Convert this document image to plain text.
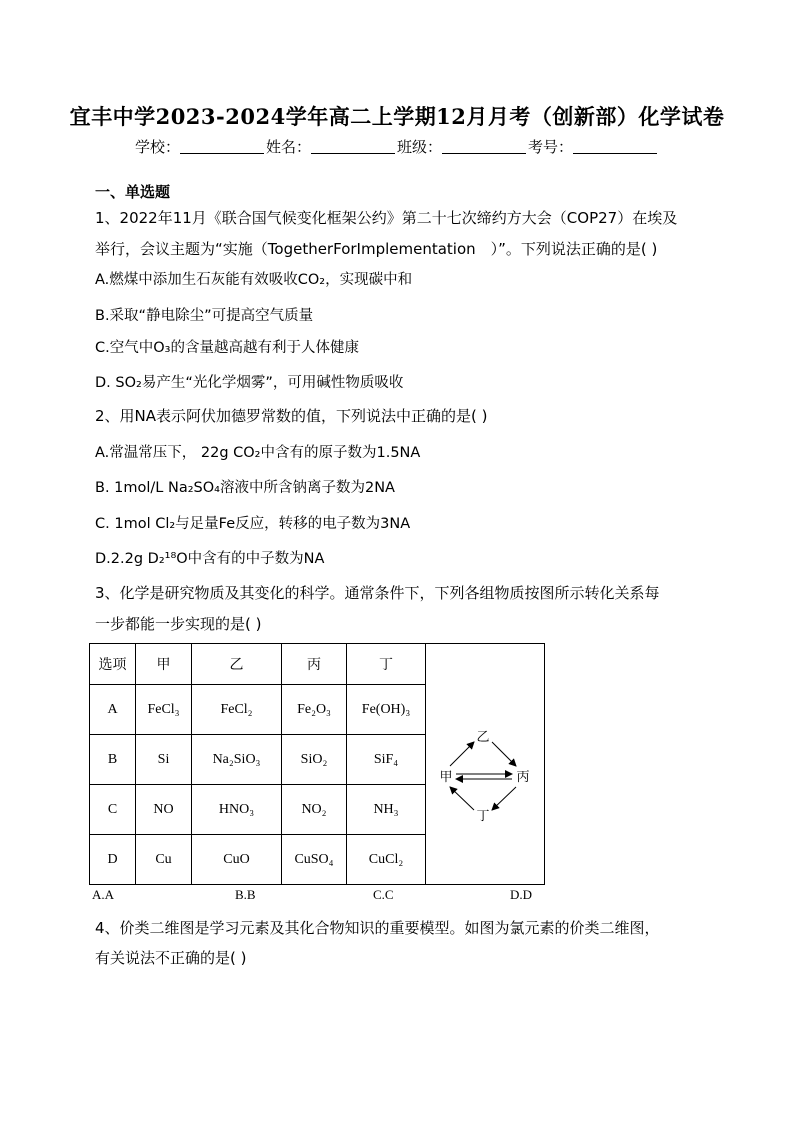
宜丰中学2023-2024学年高二上学期12月月考（创新部）化学试卷
学校：	姓名：	班级：	考号：
一、单选题
1、2022年11月《联合国气候变化框架公约》第二十七次缔约方大会（COP27）在埃及
举行，会议主题为“实施（TogetherForImplementation　）”。下列说法正确的是( )
A.燃煤中添加生石灰能有效吸收CO₂，实现碳中和
B.采取“静电除尘”可提高空气质量
C.空气中O₃的含量越高越有利于人体健康
D. SO₂易产生“光化学烟雾”，可用碱性物质吸收
2、用NA表示阿伏加德罗常数的值，下列说法中正确的是( )
A.常温常压下， 22g CO₂中含有的原子数为1.5NA
B. 1mol/L Na₂SO₄溶液中所含钠离子数为2NA
C. 1mol Cl₂与足量Fe反应，转移的电子数为3NA
D.2.2g D₂¹⁸O中含有的中子数为NA
3、化学是研究物质及其变化的科学。通常条件下，下列各组物质按图所示转化关系每
一步都能一步实现的是( )
选项	甲	乙	丙	丁	乙
甲 丙
丁

A	FeCl₃	FeCl₂	Fe₂O₃	Fe(OH)₃	
B	Si	Na₂SiO₃	SiO₂	SiF₄	
C	NO	HNO₃	NO₂	NH₃	
D	Cu	CuO	CuSO₄	CuCl₂	
A.A	B.B	C.C	D.D
4、价类二维图是学习元素及其化合物知识的重要模型。如图为氯元素的价类二维图，
有关说法不正确的是( )
